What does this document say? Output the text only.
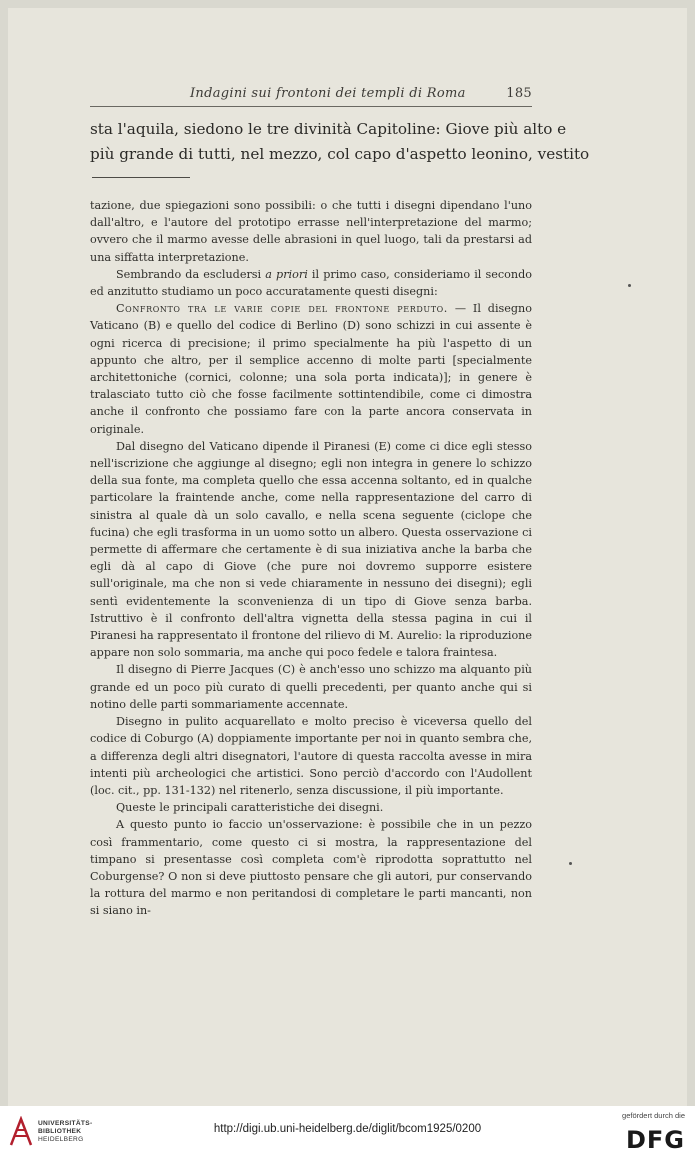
Indagini sui frontoni dei templi di Roma	185
sta l'aquila, siedono le tre divinità Capitoline: Giove più alto e
più grande di tutti, nel mezzo, col capo d'aspetto leonino, vestito

tazione, due spiegazioni sono possibili: o che tutti i disegni dipendano l'uno dall'altro, e l'autore del prototipo errasse nell'interpretazione del marmo; ovvero che il marmo avesse delle abrasioni in quel luogo, tali da prestarsi ad una siffatta interpretazione.

Sembrando da escludersi a priori il primo caso, consideriamo il secondo ed anzitutto studiamo un poco accuratamente questi disegni:

Confronto tra le varie copie del frontone perduto. — Il disegno Vaticano (B) e quello del codice di Berlino (D) sono schizzi in cui assente è ogni ricerca di precisione; il primo specialmente ha più l'aspetto di un appunto che altro, per il semplice accenno di molte parti [specialmente architettoniche (cornici, colonne; una sola porta indicata)]; in genere è tralasciato tutto ciò che fosse facilmente sottintendibile, come ci dimostra anche il confronto che possiamo fare con la parte ancora conservata in originale.

Dal disegno del Vaticano dipende il Piranesi (E) come ci dice egli stesso nell'iscrizione che aggiunge al disegno; egli non integra in genere lo schizzo della sua fonte, ma completa quello che essa accenna soltanto, ed in qualche particolare la fraintende anche, come nella rappresentazione del carro di sinistra al quale dà un solo cavallo, e nella scena seguente (ciclope che fucina) che egli trasforma in un uomo sotto un albero. Questa osservazione ci permette di affermare che certamente è di sua iniziativa anche la barba che egli dà al capo di Giove (che pure noi dovremo supporre esistere sull'originale, ma che non si vede chiaramente in nessuno dei disegni); egli sentì evidentemente la sconvenienza di un tipo di Giove senza barba. Istruttivo è il confronto dell'altra vignetta della stessa pagina in cui il Piranesi ha rappresentato il frontone del rilievo di M. Aurelio: la riproduzione appare non solo sommaria, ma anche qui poco fedele e talora fraintesa.

Il disegno di Pierre Jacques (C) è anch'esso uno schizzo ma alquanto più grande ed un poco più curato di quelli precedenti, per quanto anche qui si notino delle parti sommariamente accennate.

Disegno in pulito acquarellato e molto preciso è viceversa quello del codice di Coburgo (A) doppiamente importante per noi in quanto sembra che, a differenza degli altri disegnatori, l'autore di questa raccolta avesse in mira intenti più archeologici che artistici. Sono perciò d'accordo con l'Audollent (loc. cit., pp. 131-132) nel ritenerlo, senza discussione, il più importante.

Queste le principali caratteristiche dei disegni.

A questo punto io faccio un'osservazione: è possibile che in un pezzo così frammentario, come questo ci si mostra, la rappresentazione del timpano si presentasse così completa com'è riprodotta soprattutto nel Coburgense? O non si deve piuttosto pensare che gli autori, pur conservando la rottura del marmo e non peritandosi di completare le parti mancanti, non si siano in-

UNIVERSITÄTS-
BIBLIOTHEK
HEIDELBERG
http://digi.ub.uni-heidelberg.de/diglit/bcom1925/0200
gefördert durch die
DFG
